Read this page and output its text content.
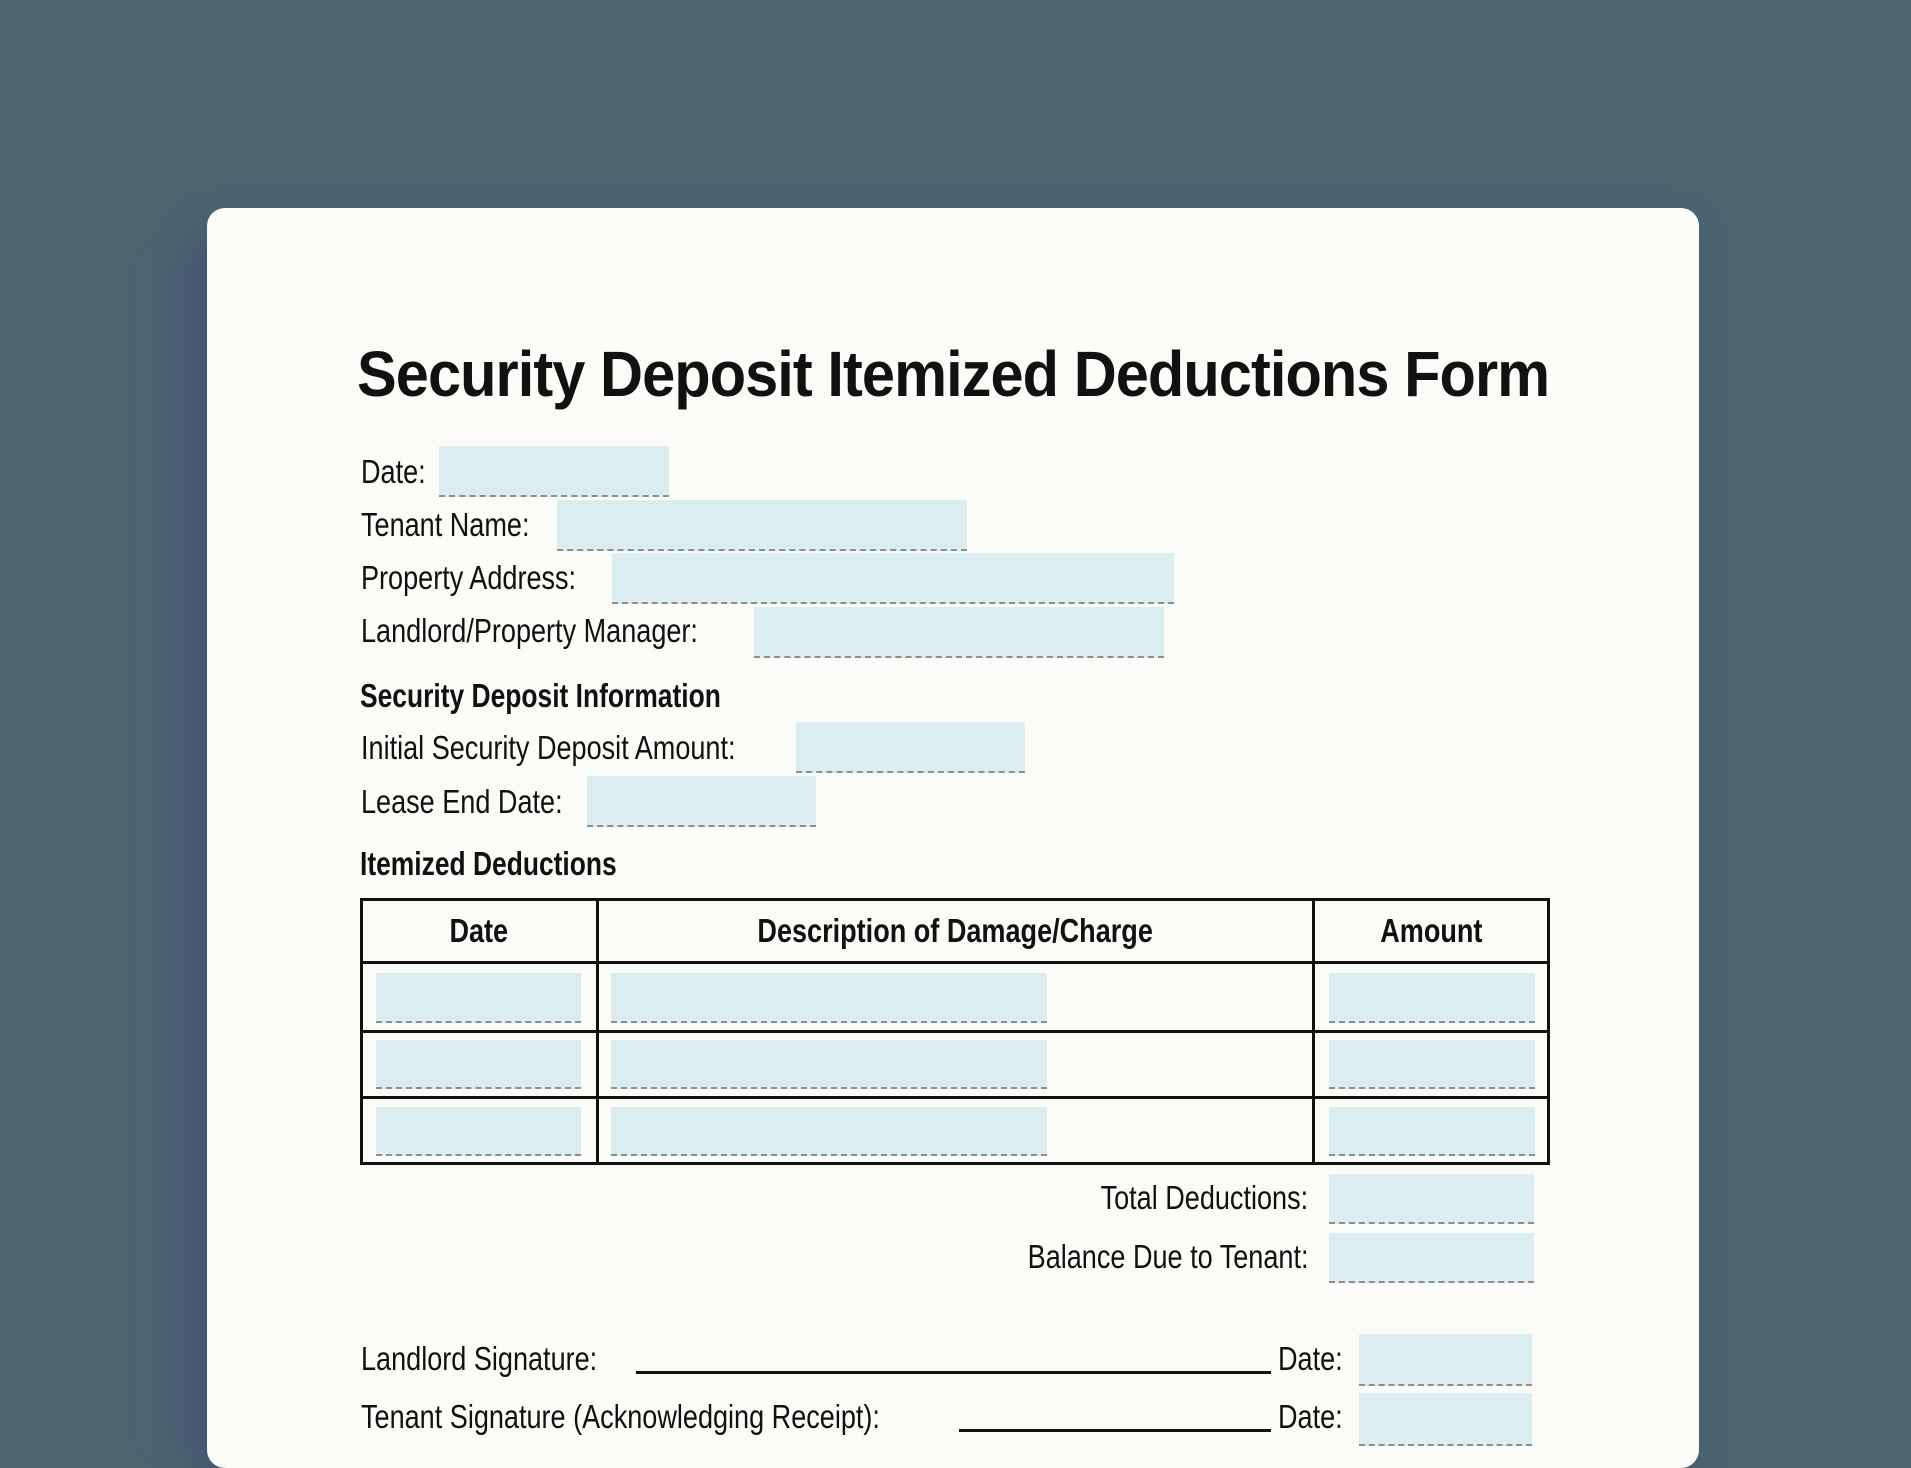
Security Deposit Itemized Deductions Form
Date:
Tenant Name:
Property Address:
Landlord/Property Manager:
Security Deposit Information
Initial Security Deposit Amount:
Lease End Date:
Itemized Deductions
Date	Description of Damage/Charge	Amount
Total Deductions:
Balance Due to Tenant:
Landlord Signature:	Date:
Tenant Signature (Acknowledging Receipt):	Date:
